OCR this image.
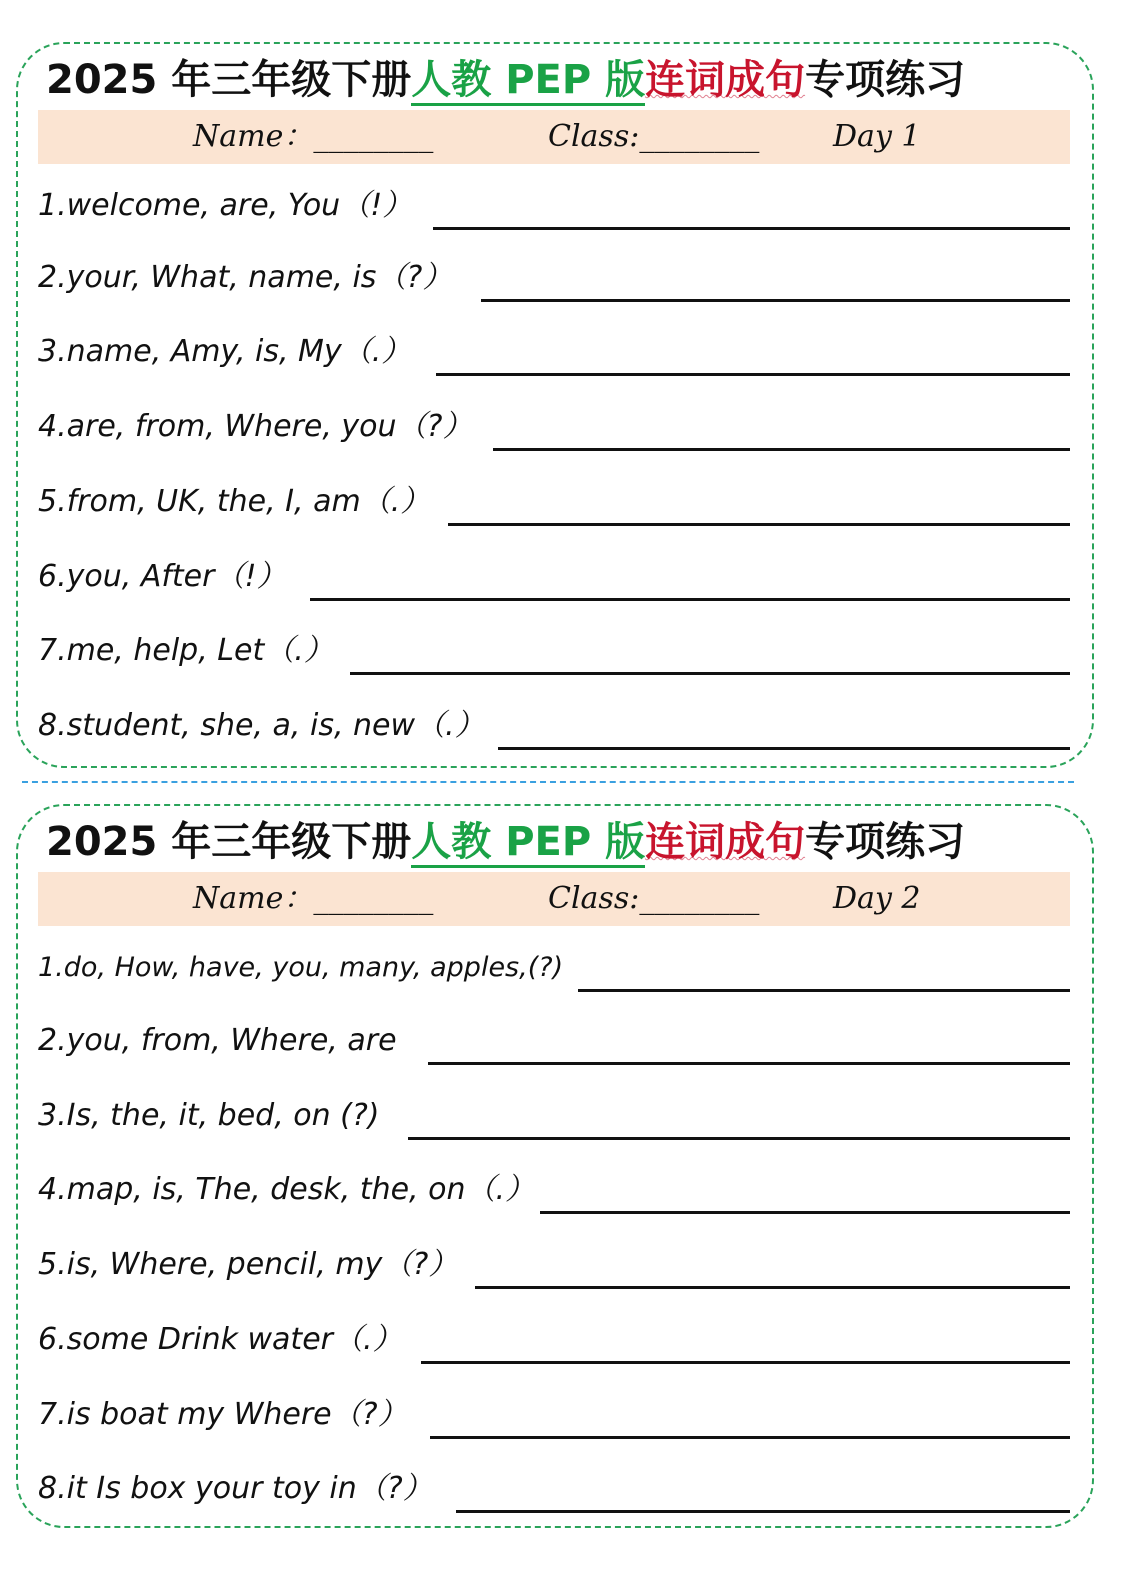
2025 年三年级下册人教 PEP 版连词成句专项练习
Name：________	Class:________ Day 1
1.welcome, are, You（!）
2.your, What, name, is（?）
3.name, Amy, is, My（.）
4.are, from, Where, you（?）
5.from, UK, the, I, am（.）
6.you, After（!）
7.me, help, Let（.）
8.student, she, a, is, new（.）
2025 年三年级下册人教 PEP 版连词成句专项练习
Name：________	Class:________ Day 2
1.do, How, have, you, many, apples,(?)
2.you, from, Where, are
3.Is, the, it, bed, on (?)
4.map, is, The, desk, the, on（.）
5.is, Where, pencil, my（?）
6.some Drink water（.）
7.is boat my Where（?）
8.it Is box your toy in（?）
